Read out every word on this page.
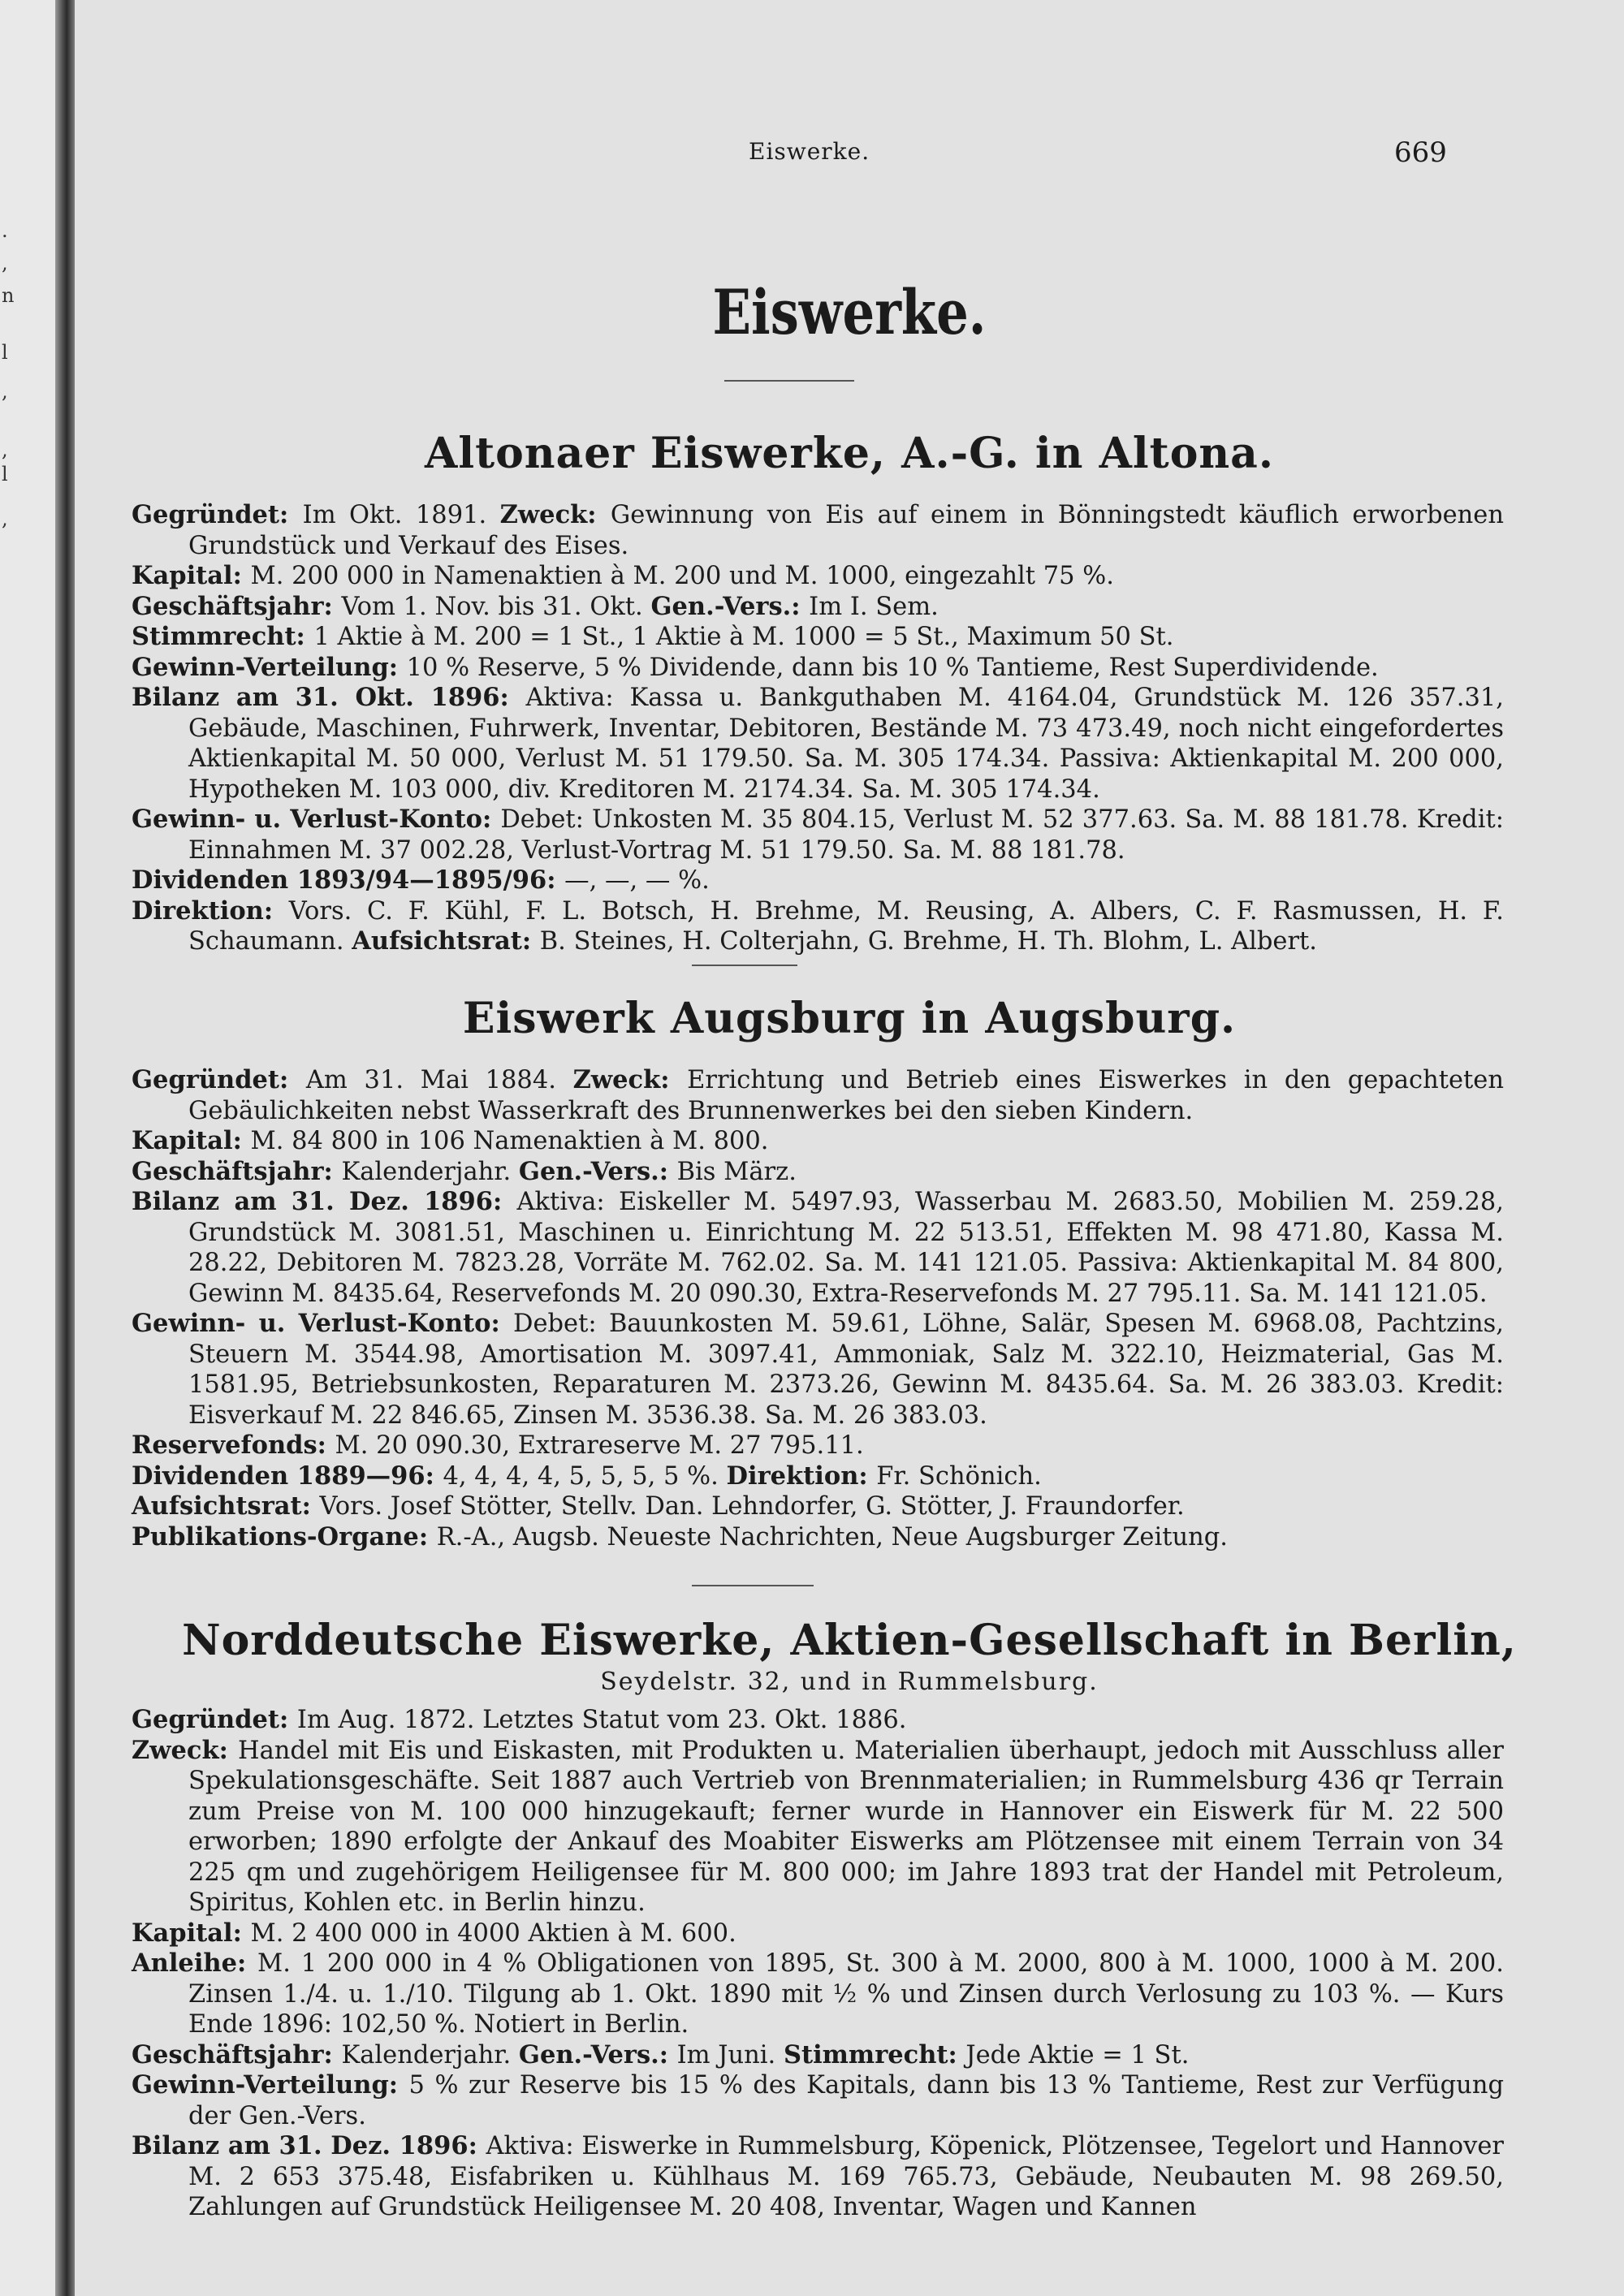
.
,
n
l
,
,
l
,
Eiswerke.	669
Eiswerke.
Altonaer Eiswerke, A.-G. in Altona.

Gegründet: Im Okt. 1891. Zweck: Gewinnung von Eis auf einem in Bönningstedt käuflich erworbenen Grundstück und Verkauf des Eises.

Kapital: M. 200 000 in Namenaktien à M. 200 und M. 1000, eingezahlt 75 %.

Geschäftsjahr: Vom 1. Nov. bis 31. Okt. Gen.-Vers.: Im I. Sem.

Stimmrecht: 1 Aktie à M. 200 = 1 St., 1 Aktie à M. 1000 = 5 St., Maximum 50 St.

Gewinn-Verteilung: 10 % Reserve, 5 % Dividende, dann bis 10 % Tantieme, Rest Superdividende.

Bilanz am 31. Okt. 1896: Aktiva: Kassa u. Bankguthaben M. 4164.04, Grundstück M. 126 357.31, Gebäude, Maschinen, Fuhrwerk, Inventar, Debitoren, Bestände M. 73 473.49, noch nicht eingefordertes Aktienkapital M. 50 000, Verlust M. 51 179.50. Sa. M. 305 174.34. Passiva: Aktienkapital M. 200 000, Hypotheken M. 103 000, div. Kreditoren M. 2174.34. Sa. M. 305 174.34.

Gewinn- u. Verlust-Konto: Debet: Unkosten M. 35 804.15, Verlust M. 52 377.63. Sa. M. 88 181.78. Kredit: Einnahmen M. 37 002.28, Verlust-Vortrag M. 51 179.50. Sa. M. 88 181.78.

Dividenden 1893/94—1895/96: —, —, — %.

Direktion: Vors. C. F. Kühl, F. L. Botsch, H. Brehme, M. Reusing, A. Albers, C. F. Rasmussen, H. F. Schaumann. Aufsichtsrat: B. Steines, H. Colterjahn, G. Brehme, H. Th. Blohm, L. Albert.

Eiswerk Augsburg in Augsburg.

Gegründet: Am 31. Mai 1884. Zweck: Errichtung und Betrieb eines Eiswerkes in den gepachteten Gebäulichkeiten nebst Wasserkraft des Brunnenwerkes bei den sieben Kindern.

Kapital: M. 84 800 in 106 Namenaktien à M. 800.

Geschäftsjahr: Kalenderjahr. Gen.-Vers.: Bis März.

Bilanz am 31. Dez. 1896: Aktiva: Eiskeller M. 5497.93, Wasserbau M. 2683.50, Mobilien M. 259.28, Grundstück M. 3081.51, Maschinen u. Einrichtung M. 22 513.51, Effekten M. 98 471.80, Kassa M. 28.22, Debitoren M. 7823.28, Vorräte M. 762.02. Sa. M. 141 121.05. Passiva: Aktienkapital M. 84 800, Gewinn M. 8435.64, Reservefonds M. 20 090.30, Extra-Reservefonds M. 27 795.11. Sa. M. 141 121.05.

Gewinn- u. Verlust-Konto: Debet: Bauunkosten M. 59.61, Löhne, Salär, Spesen M. 6968.08, Pachtzins, Steuern M. 3544.98, Amortisation M. 3097.41, Ammoniak, Salz M. 322.10, Heizmaterial, Gas M. 1581.95, Betriebsunkosten, Reparaturen M. 2373.26, Gewinn M. 8435.64. Sa. M. 26 383.03. Kredit: Eisverkauf M. 22 846.65, Zinsen M. 3536.38. Sa. M. 26 383.03.

Reservefonds: M. 20 090.30, Extrareserve M. 27 795.11.

Dividenden 1889—96: 4, 4, 4, 4, 5, 5, 5, 5 %. Direktion: Fr. Schönich.

Aufsichtsrat: Vors. Josef Stötter, Stellv. Dan. Lehndorfer, G. Stötter, J. Fraundorfer.

Publikations-Organe: R.-A., Augsb. Neueste Nachrichten, Neue Augsburger Zeitung.

Norddeutsche Eiswerke, Aktien-Gesellschaft in Berlin,
Seydelstr. 32, und in Rummelsburg.

Gegründet: Im Aug. 1872. Letztes Statut vom 23. Okt. 1886.

Zweck: Handel mit Eis und Eiskasten, mit Produkten u. Materialien überhaupt, jedoch mit Ausschluss aller Spekulationsgeschäfte. Seit 1887 auch Vertrieb von Brennmaterialien; in Rummelsburg 436 qr Terrain zum Preise von M. 100 000 hinzugekauft; ferner wurde in Hannover ein Eiswerk für M. 22 500 erworben; 1890 erfolgte der Ankauf des Moabiter Eiswerks am Plötzensee mit einem Terrain von 34 225 qm und zugehörigem Heiligensee für M. 800 000; im Jahre 1893 trat der Handel mit Petroleum, Spiritus, Kohlen etc. in Berlin hinzu.

Kapital: M. 2 400 000 in 4000 Aktien à M. 600.

Anleihe: M. 1 200 000 in 4 % Obligationen von 1895, St. 300 à M. 2000, 800 à M. 1000, 1000 à M. 200. Zinsen 1./4. u. 1./10. Tilgung ab 1. Okt. 1890 mit ½ % und Zinsen durch Verlosung zu 103 %. — Kurs Ende 1896: 102,50 %. Notiert in Berlin.

Geschäftsjahr: Kalenderjahr. Gen.-Vers.: Im Juni. Stimmrecht: Jede Aktie = 1 St.

Gewinn-Verteilung: 5 % zur Reserve bis 15 % des Kapitals, dann bis 13 % Tantieme, Rest zur Verfügung der Gen.-Vers.

Bilanz am 31. Dez. 1896: Aktiva: Eiswerke in Rummelsburg, Köpenick, Plötzensee, Tegelort und Hannover M. 2 653 375.48, Eisfabriken u. Kühlhaus M. 169 765.73, Gebäude, Neubauten M. 98 269.50, Zahlungen auf Grundstück Heiligensee M. 20 408, Inventar, Wagen und Kannen
